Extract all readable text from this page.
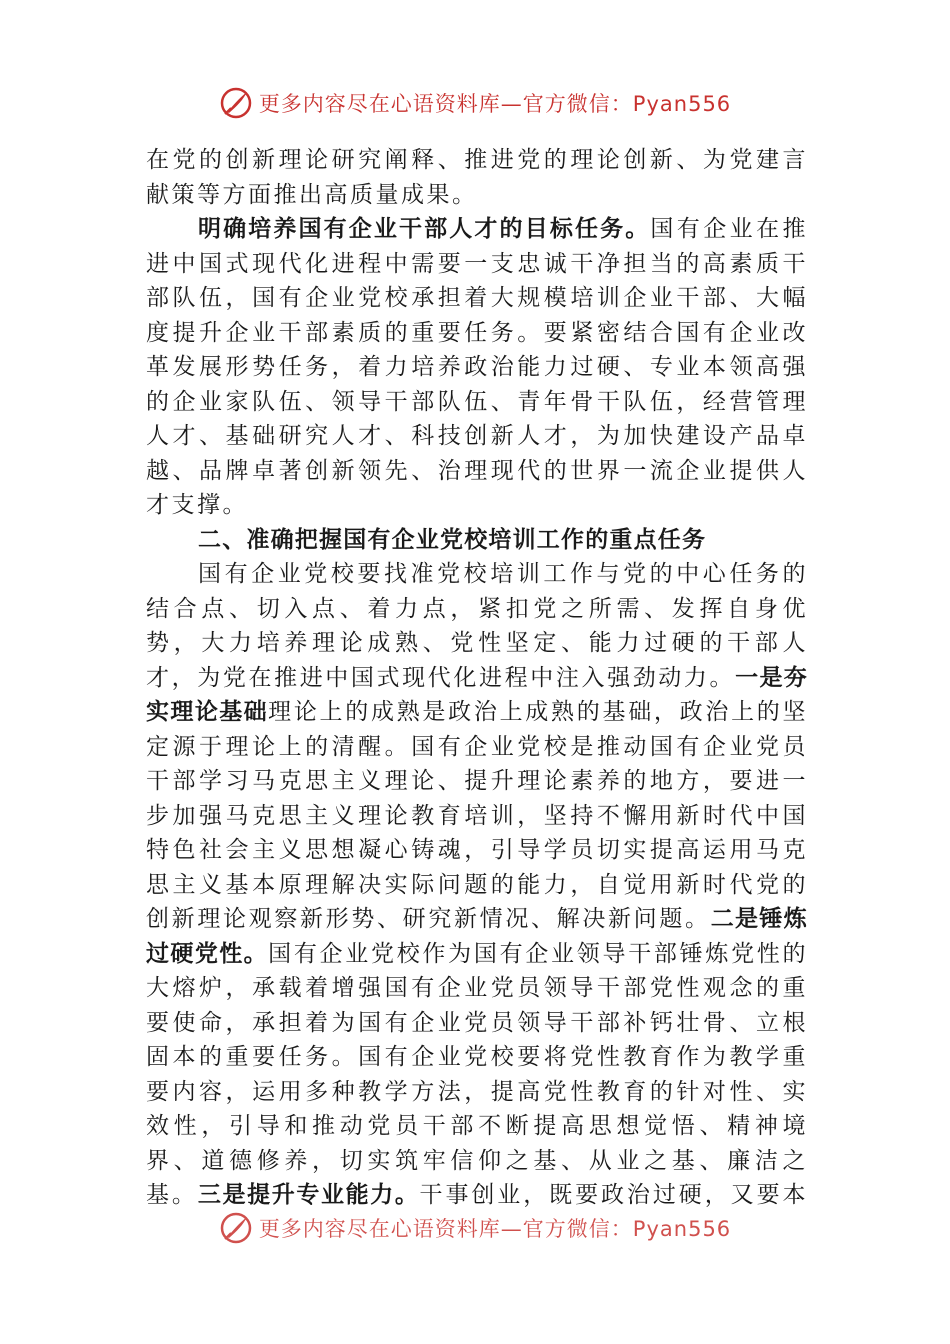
更多内容尽在心语资料库—官方微信：Pyan556

在党的创新理论研究阐释、推进党的理论创新、为党建言献策等方面推出高质量成果。

明确培养国有企业干部人才的目标任务。国有企业在推进中国式现代化进程中需要一支忠诚干净担当的高素质干部队伍，国有企业党校承担着大规模培训企业干部、大幅度提升企业干部素质的重要任务。要紧密结合国有企业改革发展形势任务，着力培养政治能力过硬、专业本领高强的企业家队伍、领导干部队伍、青年骨干队伍，经营管理人才、基础研究人才、科技创新人才，为加快建设产品卓越、品牌卓著创新领先、治理现代的世界一流企业提供人才支撑。

二、准确把握国有企业党校培训工作的重点任务

国有企业党校要找准党校培训工作与党的中心任务的结合点、切入点、着力点，紧扣党之所需、发挥自身优势，大力培养理论成熟、党性坚定、能力过硬的干部人才，为党在推进中国式现代化进程中注入强劲动力。一是夯实理论基础理论上的成熟是政治上成熟的基础，政治上的坚定源于理论上的清醒。国有企业党校是推动国有企业党员干部学习马克思主义理论、提升理论素养的地方，要进一步加强马克思主义理论教育培训，坚持不懈用新时代中国特色社会主义思想凝心铸魂，引导学员切实提高运用马克思主义基本原理解决实际问题的能力，自觉用新时代党的创新理论观察新形势、研究新情况、解决新问题。二是锤炼过硬党性。国有企业党校作为国有企业领导干部锤炼党性的大熔炉，承载着增强国有企业党员领导干部党性观念的重要使命，承担着为国有企业党员领导干部补钙壮骨、立根固本的重要任务。国有企业党校要将党性教育作为教学重要内容，运用多种教学方法，提高党性教育的针对性、实效性，引导和推动党员干部不断提高思想觉悟、精神境界、道德修养，切实筑牢信仰之基、从业之基、廉洁之基。三是提升专业能力。干事创业，既要政治过硬，又要本

更多内容尽在心语资料库—官方微信：Pyan556
